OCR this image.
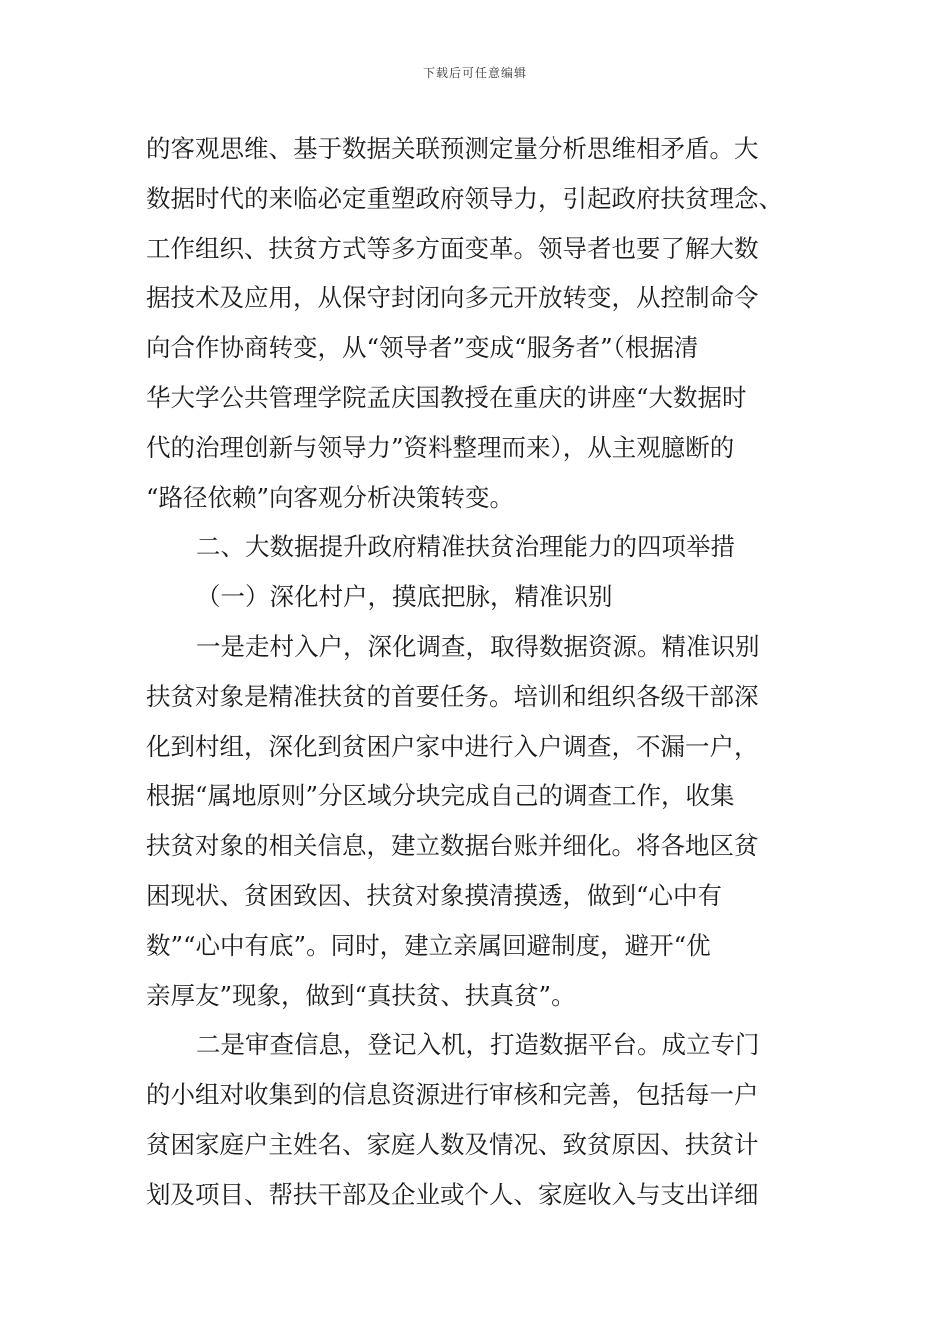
下载后可任意编辑
的客观思维、基于数据关联预测定量分析思维相矛盾。大
数据时代的来临必定重塑政府领导力，引起政府扶贫理念、
工作组织、扶贫方式等多方面变革。领导者也要了解大数
据技术及应用，从保守封闭向多元开放转变，从控制命令
向合作协商转变，从“领导者”变成“服务者”（根据清
华大学公共管理学院孟庆国教授在重庆的讲座“大数据时
代的治理创新与领导力”资料整理而来），从主观臆断的
“路径依赖”向客观分析决策转变。
二、大数据提升政府精准扶贫治理能力的四项举措
（一）深化村户，摸底把脉，精准识别
一是走村入户，深化调查，取得数据资源。精准识别
扶贫对象是精准扶贫的首要任务。培训和组织各级干部深
化到村组，深化到贫困户家中进行入户调查，不漏一户，
根据“属地原则”分区域分块完成自己的调查工作，收集
扶贫对象的相关信息，建立数据台账并细化。将各地区贫
困现状、贫困致因、扶贫对象摸清摸透，做到“心中有
数”“心中有底”。同时，建立亲属回避制度，避开“优
亲厚友”现象，做到“真扶贫、扶真贫”。
二是审查信息，登记入机，打造数据平台。成立专门
的小组对收集到的信息资源进行审核和完善，包括每一户
贫困家庭户主姓名、家庭人数及情况、致贫原因、扶贫计
划及项目、帮扶干部及企业或个人、家庭收入与支出详细
